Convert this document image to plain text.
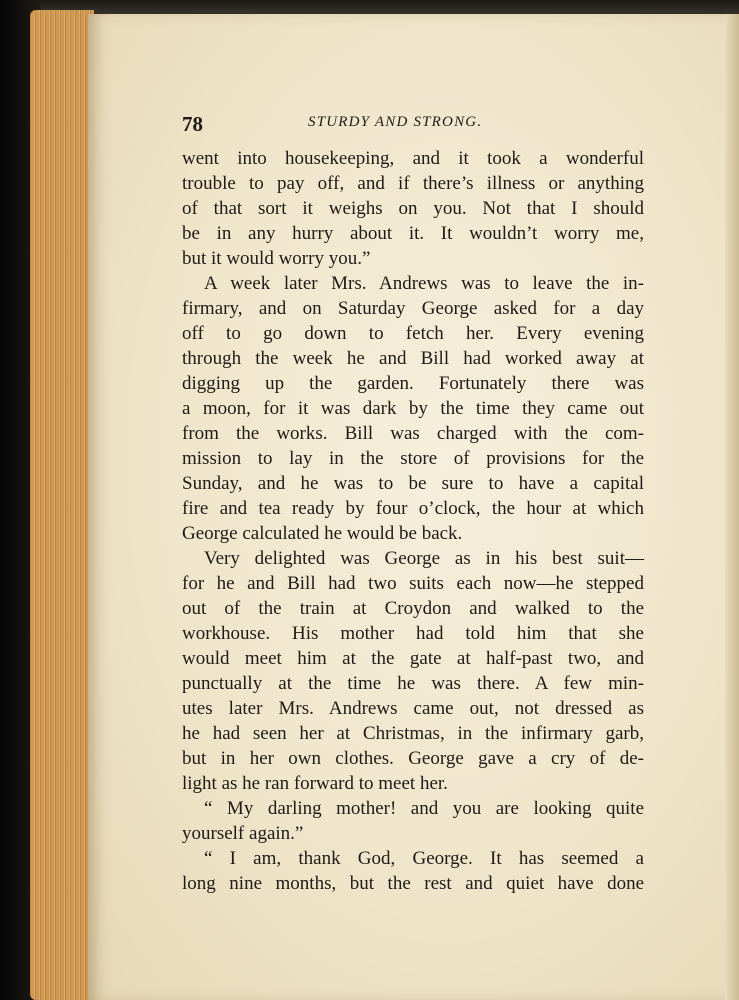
78	STURDY AND STRONG.
went into housekeeping, and it took a wonderful
trouble to pay off, and if there’s illness or anything
of that sort it weighs on you. Not that I should
be in any hurry about it. It wouldn’t worry me,
but it would worry you.”
A week later Mrs. Andrews was to leave the in-
firmary, and on Saturday George asked for a day
off to go down to fetch her. Every evening
through the week he and Bill had worked away at
digging up the garden. Fortunately there was
a moon, for it was dark by the time they came out
from the works. Bill was charged with the com-
mission to lay in the store of provisions for the
Sunday, and he was to be sure to have a capital
fire and tea ready by four o’clock, the hour at which
George calculated he would be back.
Very delighted was George as in his best suit—
for he and Bill had two suits each now—he stepped
out of the train at Croydon and walked to the
workhouse. His mother had told him that she
would meet him at the gate at half-past two, and
punctually at the time he was there. A few min-
utes later Mrs. Andrews came out, not dressed as
he had seen her at Christmas, in the infirmary garb,
but in her own clothes. George gave a cry of de-
light as he ran forward to meet her.
“ My darling mother! and you are looking quite
yourself again.”
“ I am, thank God, George. It has seemed a
long nine months, but the rest and quiet have done
